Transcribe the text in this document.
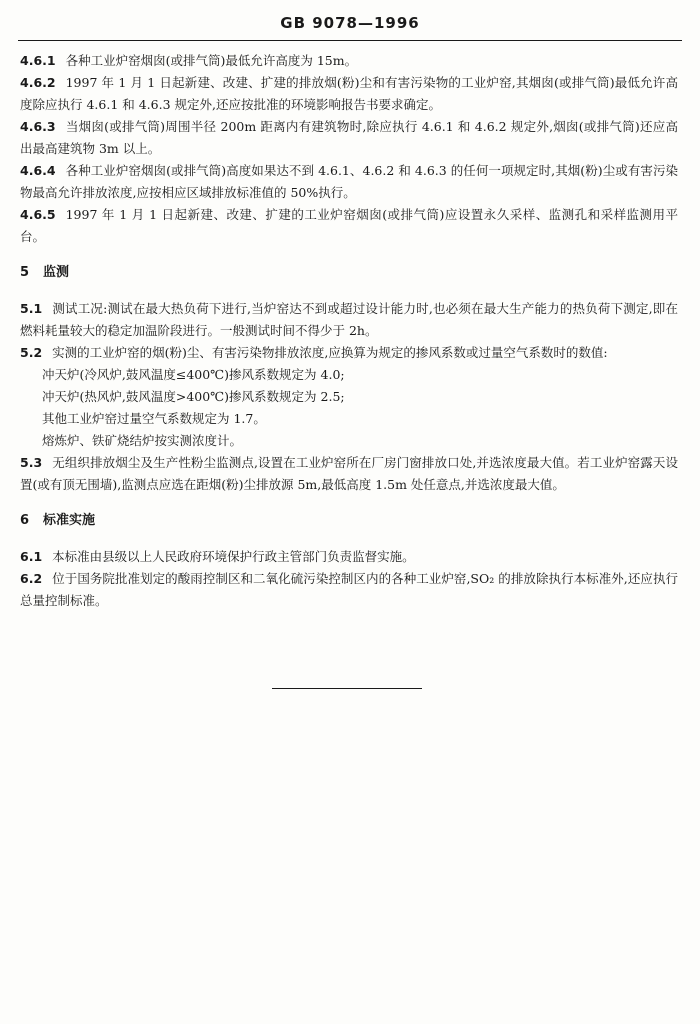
GB 9078—1996

4.6.1 各种工业炉窑烟囱(或排气筒)最低允许高度为 15m。

4.6.2 1997 年 1 月 1 日起新建、改建、扩建的排放烟(粉)尘和有害污染物的工业炉窑,其烟囱(或排气筒)最低允许高度除应执行 4.6.1 和 4.6.3 规定外,还应按批准的环境影响报告书要求确定。

4.6.3 当烟囱(或排气筒)周围半径 200m 距离内有建筑物时,除应执行 4.6.1 和 4.6.2 规定外,烟囱(或排气筒)还应高出最高建筑物 3m 以上。

4.6.4 各种工业炉窑烟囱(或排气筒)高度如果达不到 4.6.1、4.6.2 和 4.6.3 的任何一项规定时,其烟(粉)尘或有害污染物最高允许排放浓度,应按相应区域排放标准值的 50%执行。

4.6.5 1997 年 1 月 1 日起新建、改建、扩建的工业炉窑烟囱(或排气筒)应设置永久采样、监测孔和采样监测用平台。

5 监测

5.1 测试工况:测试在最大热负荷下进行,当炉窑达不到或超过设计能力时,也必须在最大生产能力的热负荷下测定,即在燃料耗量较大的稳定加温阶段进行。一般测试时间不得少于 2h。

5.2 实测的工业炉窑的烟(粉)尘、有害污染物排放浓度,应换算为规定的掺风系数或过量空气系数时的数值:

冲天炉(冷风炉,鼓风温度≤400℃)掺风系数规定为 4.0;

冲天炉(热风炉,鼓风温度>400℃)掺风系数规定为 2.5;

其他工业炉窑过量空气系数规定为 1.7。

熔炼炉、铁矿烧结炉按实测浓度计。

5.3 无组织排放烟尘及生产性粉尘监测点,设置在工业炉窑所在厂房门窗排放口处,并选浓度最大值。若工业炉窑露天设置(或有顶无围墙),监测点应选在距烟(粉)尘排放源 5m,最低高度 1.5m 处任意点,并选浓度最大值。

6 标准实施

6.1 本标准由县级以上人民政府环境保护行政主管部门负责监督实施。

6.2 位于国务院批准划定的酸雨控制区和二氧化硫污染控制区内的各种工业炉窑,SO₂ 的排放除执行本标准外,还应执行总量控制标准。
